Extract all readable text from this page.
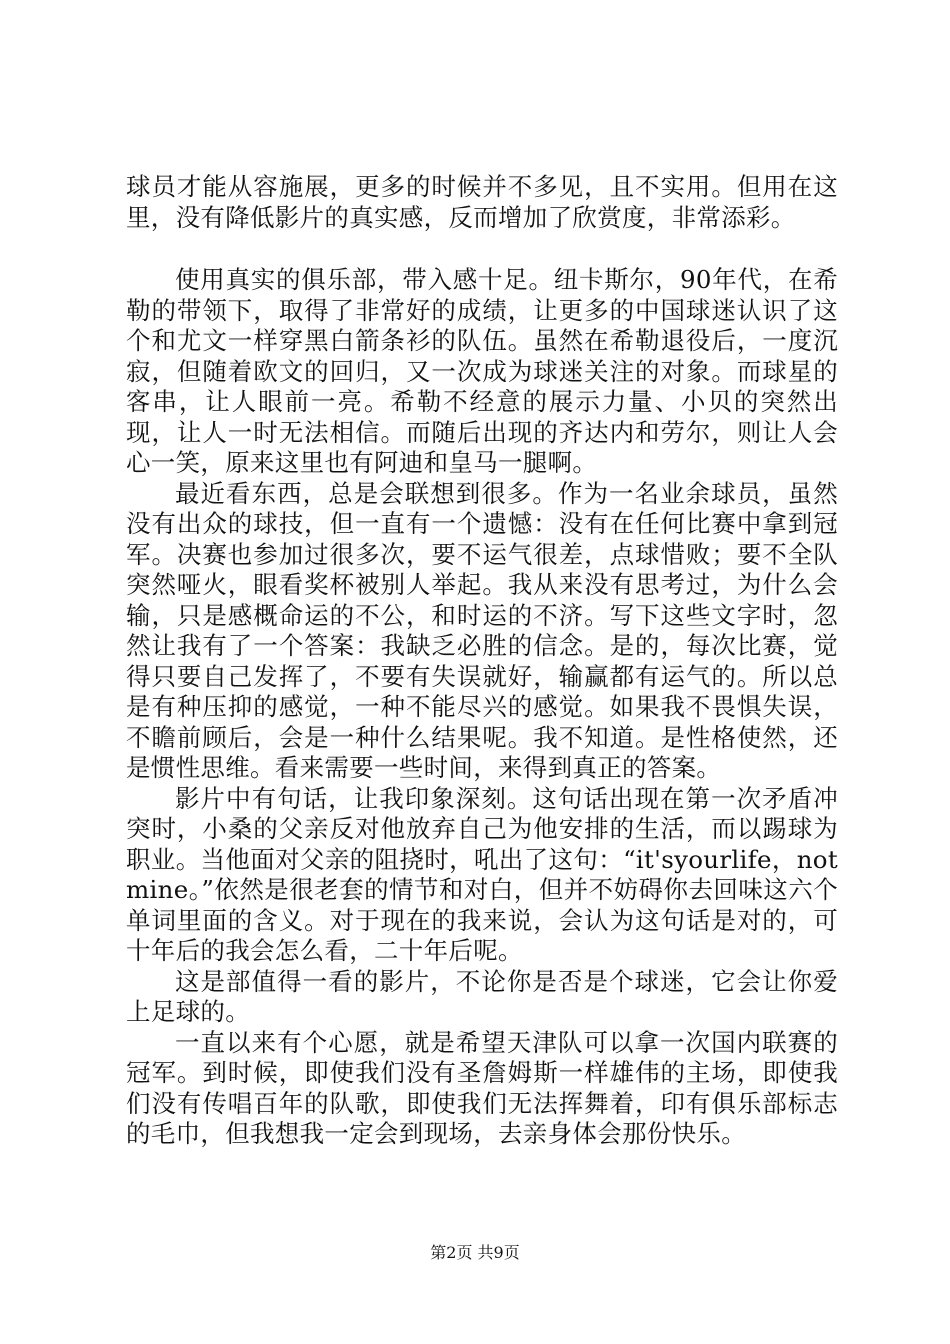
球员才能从容施展，更多的时候并不多见，且不实用。但用在这里，没有降低影片的真实感，反而增加了欣赏度，非常添彩。

使用真实的俱乐部，带入感十足。纽卡斯尔，90年代，在希勒的带领下，取得了非常好的成绩，让更多的中国球迷认识了这个和尤文一样穿黑白箭条衫的队伍。虽然在希勒退役后，一度沉寂，但随着欧文的回归，又一次成为球迷关注的对象。而球星的客串，让人眼前一亮。希勒不经意的展示力量、小贝的突然出现，让人一时无法相信。而随后出现的齐达内和劳尔，则让人会心一笑，原来这里也有阿迪和皇马一腿啊。

最近看东西，总是会联想到很多。作为一名业余球员，虽然没有出众的球技，但一直有一个遗憾：没有在任何比赛中拿到冠军。决赛也参加过很多次，要不运气很差，点球惜败；要不全队突然哑火，眼看奖杯被别人举起。我从来没有思考过，为什么会输，只是感概命运的不公，和时运的不济。写下这些文字时，忽然让我有了一个答案：我缺乏必胜的信念。是的，每次比赛，觉得只要自己发挥了，不要有失误就好，输赢都有运气的。所以总是有种压抑的感觉，一种不能尽兴的感觉。如果我不畏惧失误，不瞻前顾后，会是一种什么结果呢。我不知道。是性格使然，还是惯性思维。看来需要一些时间，来得到真正的答案。

影片中有句话，让我印象深刻。这句话出现在第一次矛盾冲突时，小桑的父亲反对他放弃自己为他安排的生活，而以踢球为职业。当他面对父亲的阻挠时，吼出了这句：“it'syourlife，notmine。”依然是很老套的情节和对白，但并不妨碍你去回味这六个单词里面的含义。对于现在的我来说，会认为这句话是对的，可十年后的我会怎么看，二十年后呢。

这是部值得一看的影片，不论你是否是个球迷，它会让你爱上足球的。

一直以来有个心愿，就是希望天津队可以拿一次国内联赛的冠军。到时候，即使我们没有圣詹姆斯一样雄伟的主场，即使我们没有传唱百年的队歌，即使我们无法挥舞着，印有俱乐部标志的毛巾，但我想我一定会到现场，去亲身体会那份快乐。

第2页 共9页
